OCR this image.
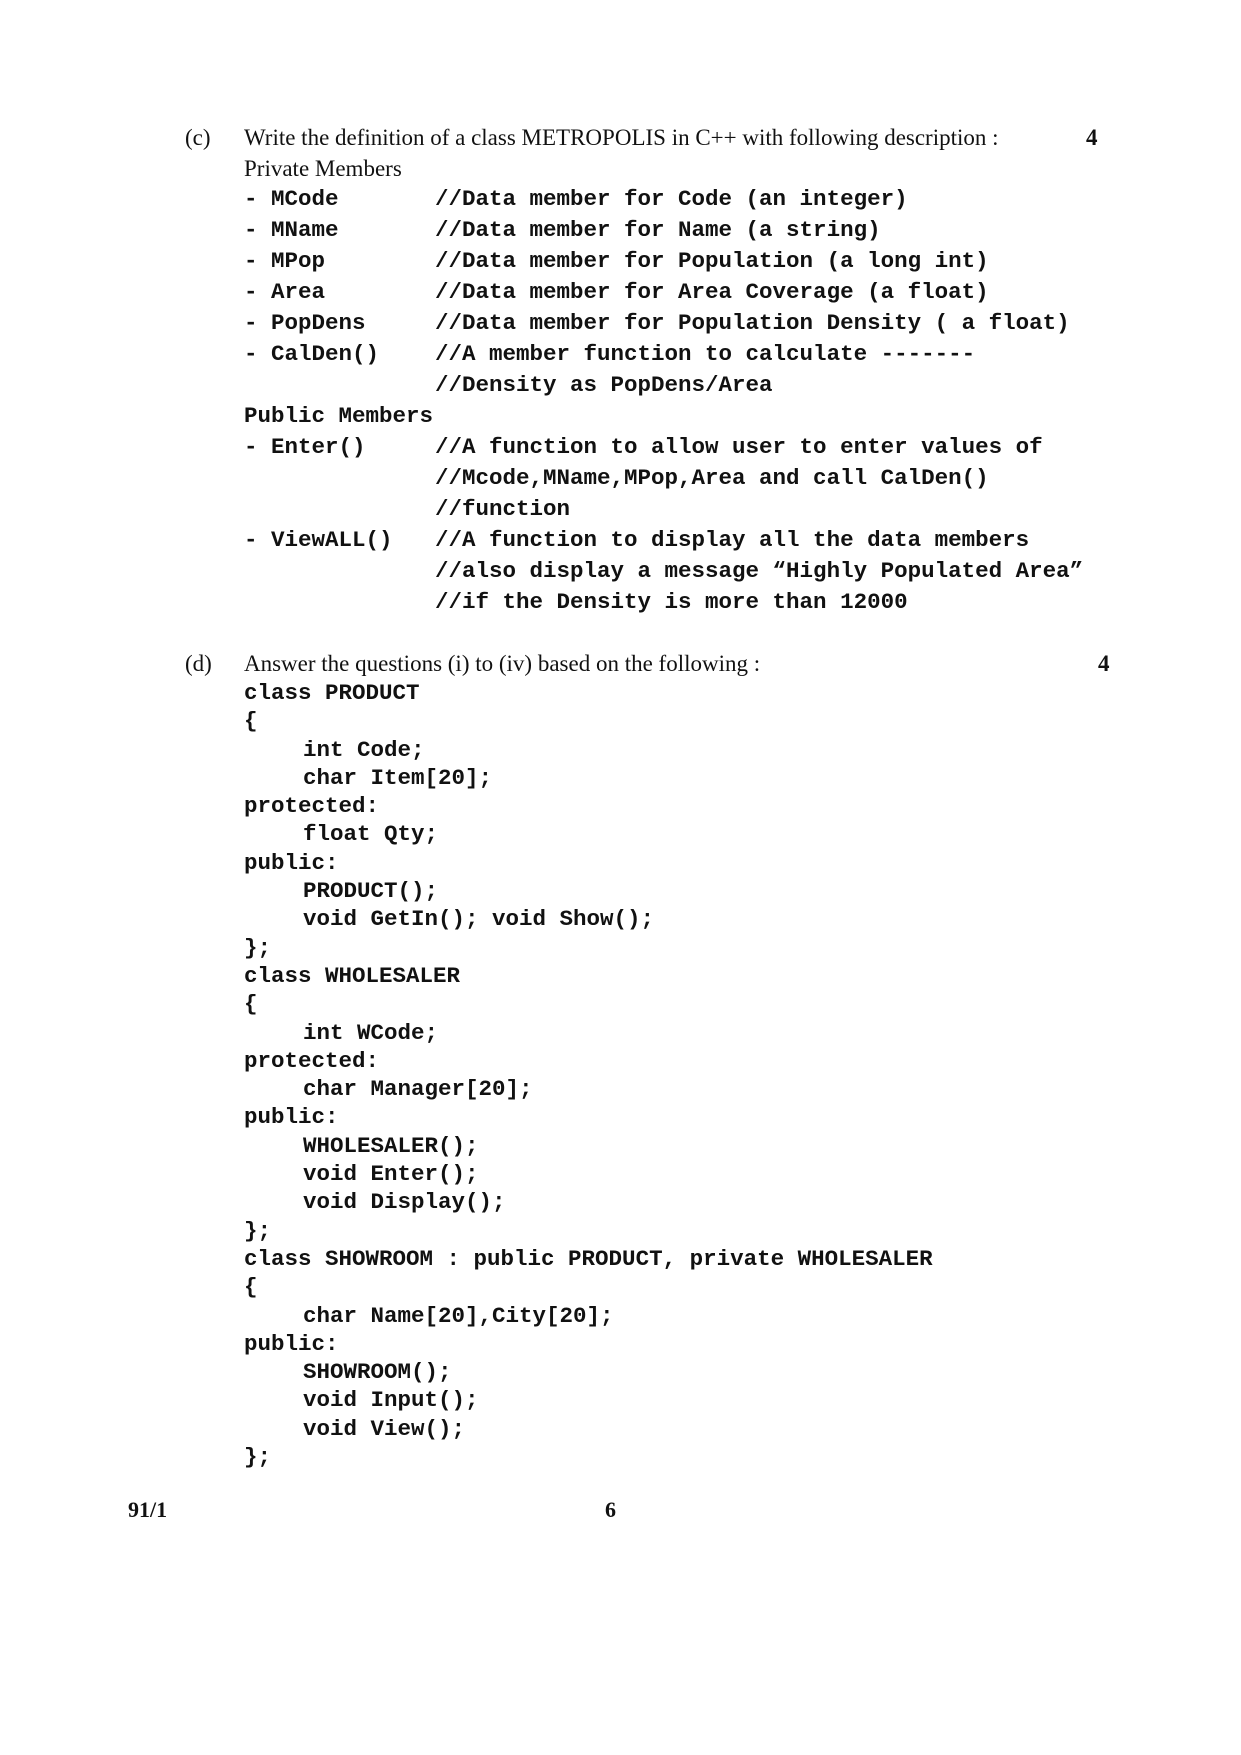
(c) Write the definition of a class METROPOLIS in C++ with following description :	4
Private Members
- MCode	//Data member for Code (an integer)
- MName	//Data member for Name (a string)
- MPop	//Data member for Population (a long int)
- Area	//Data member for Area Coverage (a float)
- PopDens	//Data member for Population Density ( a float)
- CalDen() //A member function to calculate -------
//Density as PopDens/Area
Public Members
- Enter()	//A function to allow user to enter values of
//Mcode,MName,MPop,Area and call CalDen()
//function
- ViewALL() //A function to display all the data members
//also display a message “Highly Populated Area”
//if the Density is more than 12000
(d) Answer the questions (i) to (iv) based on the following :	4
class PRODUCT
{
int Code;
char Item[20];
protected:
float Qty;
public:
PRODUCT();
void GetIn(); void Show();
};
class WHOLESALER
{
int WCode;
protected:
char Manager[20];
public:
WHOLESALER();
void Enter();
void Display();
};
class SHOWROOM : public PRODUCT, private WHOLESALER
{
char Name[20],City[20];
public:
SHOWROOM();
void Input();
void View();
};
91/1	6
